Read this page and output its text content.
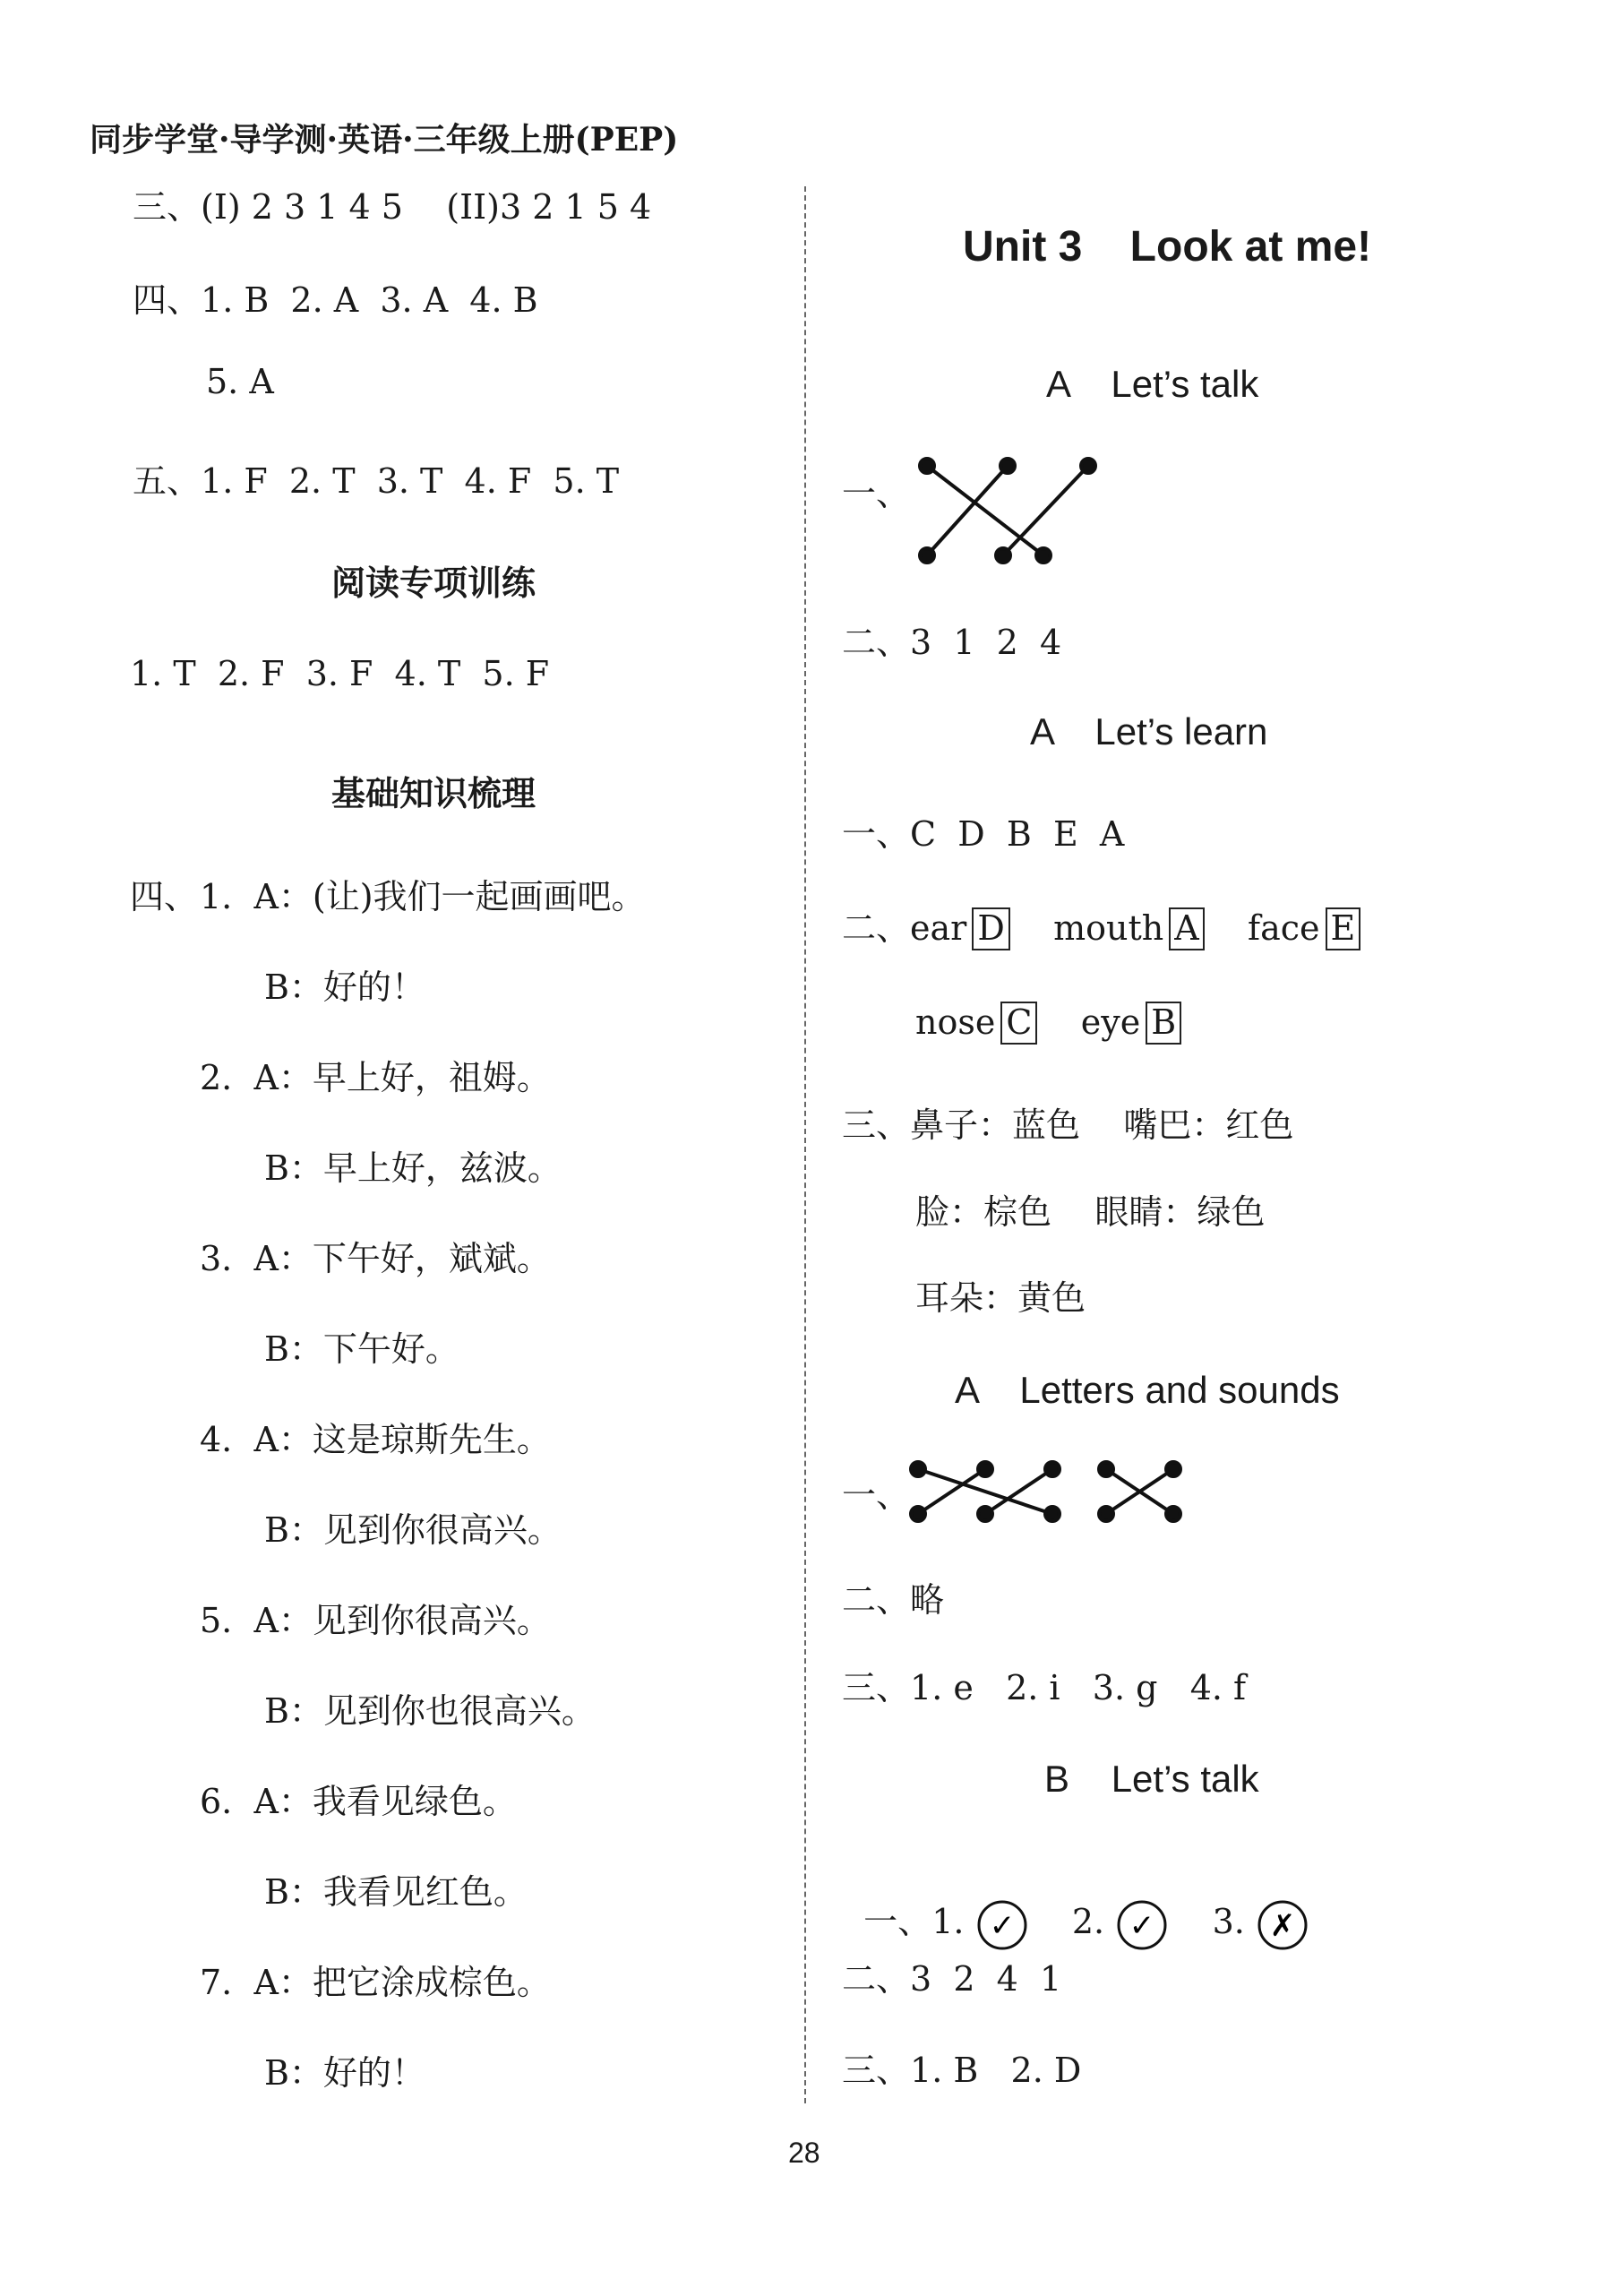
同步学堂·导学测·英语·三年级上册(PEP)
三、(I) 2 3 1 4 5    (II)3 2 1 5 4
四、1. B  2. A  3. A  4. B
5. A
五、1. F  2. T  3. T  4. F  5. T
阅读专项训练
1. T  2. F  3. F  4. T  5. F
基础知识梳理
四、 1. A：(让)我们一起画画吧。
B：好的！
2. A：早上好，祖姆。
B：早上好，兹波。
3. A：下午好，斌斌。
B：下午好。
4. A：这是琼斯先生。
B：见到你很高兴。
5. A：见到你很高兴。
B：见到你也很高兴。
6. A：我看见绿色。
B：我看见红色。
7. A：把它涂成棕色。
B：好的！
Unit 3    Look at me!
A    Let’s talk
一、
二、3  1  2  4
A    Let’s learn
一、C  D  B  E  A
二、ear D mouth A face E
nose C eye B
三、鼻子：蓝色    嘴巴：红色
脸：棕色    眼睛：绿色
耳朵：黄色
A    Letters and sounds
一、
二、略
三、1. e   2. i   3. g   4. f
B    Let’s talk

一、1. ✓ 2. ✓ 3. ✗

二、3  2  4  1
三、1. B   2. D
28
